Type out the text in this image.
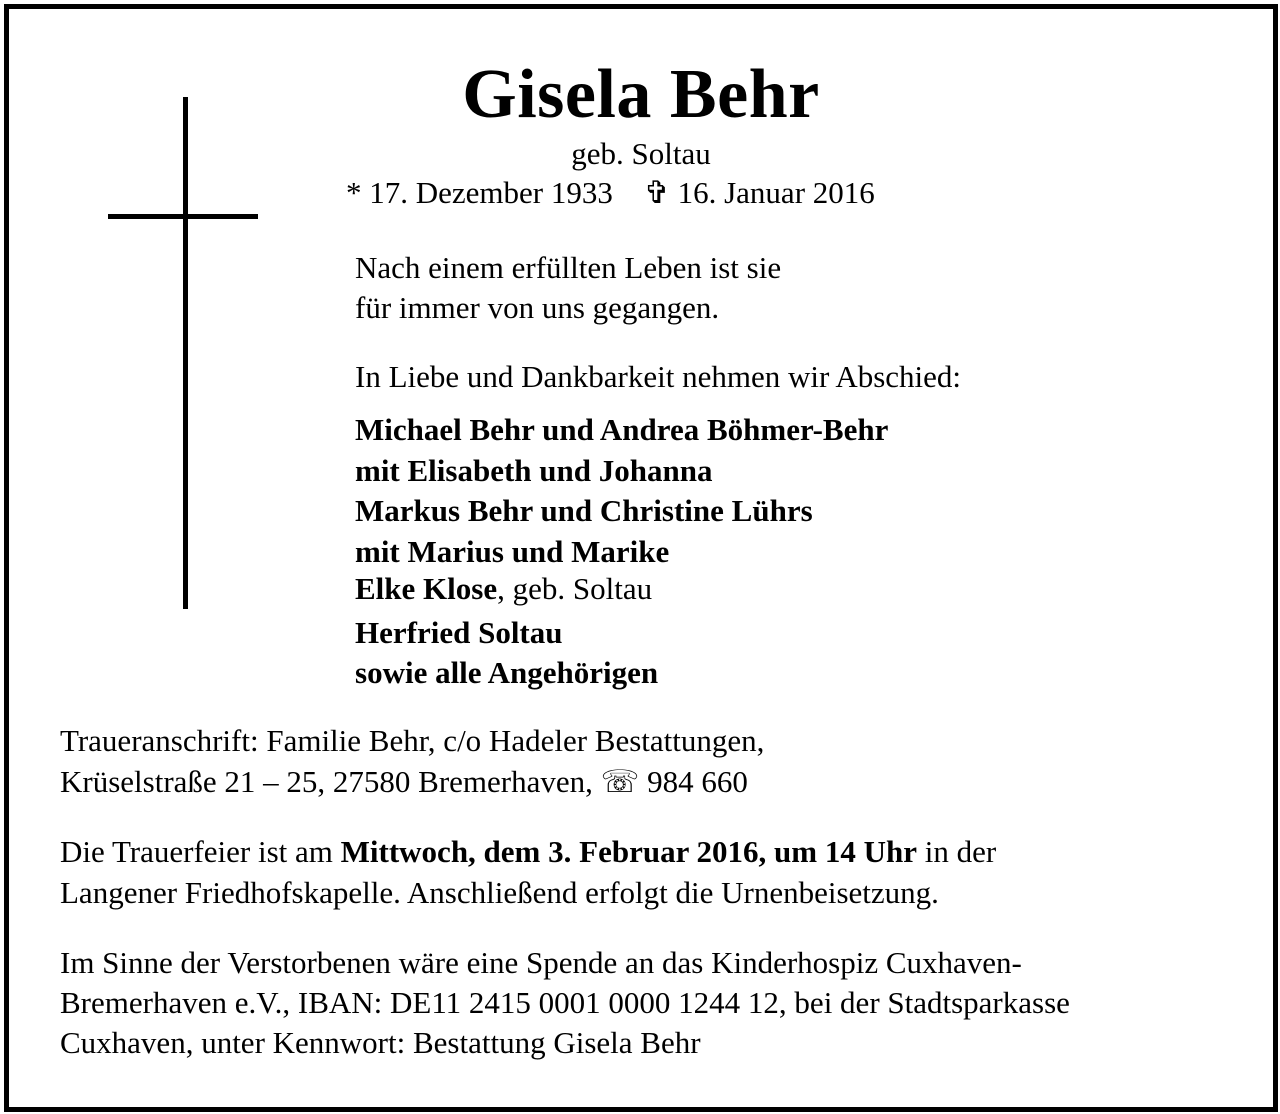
Gisela Behr
geb. Soltau
* 17. Dezember 1933 ✞ 16. Januar 2016
Nach einem erfüllten Leben ist sie
für immer von uns gegangen.
In Liebe und Dankbarkeit nehmen wir Abschied:
Michael Behr und Andrea Böhmer-Behr
mit Elisabeth und Johanna
Markus Behr und Christine Lührs
mit Marius und Marike
Elke Klose, geb. Soltau
Herfried Soltau
sowie alle Angehörigen
Traueranschrift: Familie Behr, c/o Hadeler Bestattungen,
Krüselstraße 21 – 25, 27580 Bremerhaven, ☏ 984 660
Die Trauerfeier ist am Mittwoch, dem 3. Februar 2016, um 14 Uhr in der
Langener Friedhofskapelle. Anschließend erfolgt die Urnenbeisetzung.
Im Sinne der Verstorbenen wäre eine Spende an das Kinderhospiz Cuxhaven-
Bremerhaven e.V., IBAN: DE11 2415 0001 0000 1244 12, bei der Stadtsparkasse
Cuxhaven, unter Kennwort: Bestattung Gisela Behr
